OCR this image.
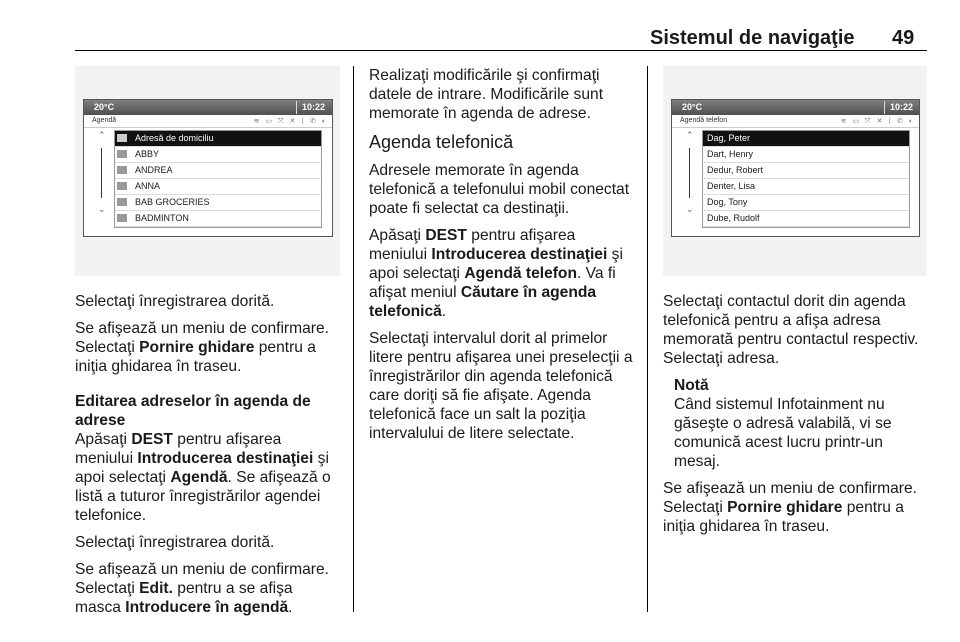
Sistemul de navigaţie 49
20°C	10:22
Agendă	≋ ▭ ⤧ ✕ ⟨ ✆ ◐
⌃
⌄
Adresă de domiciliu
ABBY
ANDREA
ANNA
BAB GROCERIES
BADMINTON

Selectaţi înregistrarea dorită.

Se afişează un meniu de confirmare. Selectaţi Pornire ghidare pentru a iniţia ghidarea în traseu.

Editarea adreselor în agenda de adrese

Apăsaţi DEST pentru afişarea meniului Introducerea destinaţiei şi apoi selectaţi Agendă. Se afişează o listă a tuturor înregistrărilor agendei telefonice.

Selectaţi înregistrarea dorită.

Se afişează un meniu de confirmare. Selectaţi Edit. pentru a se afişa masca Introducere în agendă.

Realizaţi modificările şi confirmaţi datele de intrare. Modificările sunt memorate în agenda de adrese.

Agenda telefonică

Adresele memorate în agenda telefonică a telefonului mobil conectat poate fi selectat ca destinaţii.

Apăsaţi DEST pentru afişarea meniului Introducerea destinaţiei şi apoi selectaţi Agendă telefon. Va fi afişat meniul Căutare în agenda telefonică.

Selectaţi intervalul dorit al primelor litere pentru afişarea unei preselecţii a înregistrărilor din agenda telefonică care doriţi să fie afişate. Agenda telefonică face un salt la poziţia intervalului de litere selectate.

20°C	10:22
Agendă telefon	≋ ▭ ⤧ ✕ ⟨ ✆ ◐
⌃
⌄
Dag, Peter
Dart, Henry
Dedur, Robert
Denter, Lisa
Dog, Tony
Dube, Rudolf

Selectaţi contactul dorit din agenda telefonică pentru a afişa adresa memorată pentru contactul respectiv. Selectaţi adresa.

Notă
Când sistemul Infotainment nu găseşte o adresă valabilă, vi se comunică acest lucru printr-un mesaj.

Se afişează un meniu de confirmare. Selectaţi Pornire ghidare pentru a iniţia ghidarea în traseu.
